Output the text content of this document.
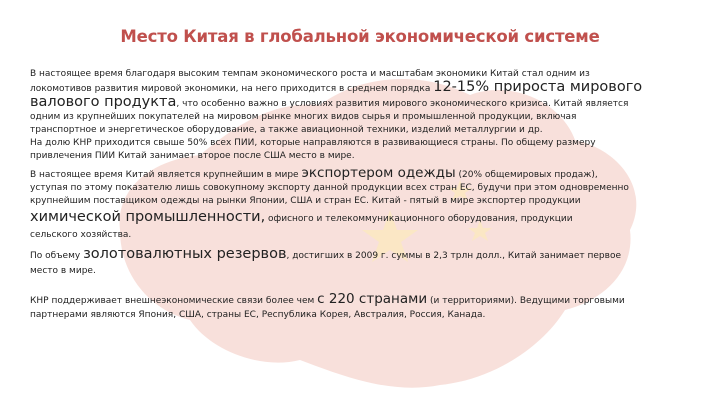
Место Китая в глобальной экономической системе

В настоящее время благодаря высоким темпам экономического роста и масштабам экономики Китай стал одним из

локомотивов развития мировой экономики, на него приходится в среднем порядка 12-15% прироста мирового

валового продукта, что особенно важно в условиях развития мирового экономического кризиса. Китай является

одним из крупнейших покупателей на мировом рынке многих видов сырья и промышленной продукции, включая

транспортное и энергетическое оборудование, а также авиационной техники, изделий металлургии и др.

На долю КНР приходится свыше 50% всех ПИИ, которые направляются в развивающиеся страны. По общему размеру

привлечения ПИИ Китай занимает второе после США место в мире.

В настоящее время Китай является крупнейшим в мире экспортером одежды (20% общемировых продаж),

уступая по этому показателю лишь совокупному экспорту данной продукции всех стран ЕС, будучи при этом одновременно

крупнейшим поставщиком одежды на рынки Японии, США и стран ЕС. Китай - пятый в мире экспортер продукции

химической промышленности, офисного и телекоммуникационного оборудования, продукции

сельского хозяйства.

По объему золотовалютных резервов, достигших в 2009 г. суммы в 2,3 трлн долл., Китай занимает первое

место в мире.

КНР поддерживает внешнеэкономические связи более чем с 220 странами (и территориями). Ведущими торговыми

партнерами являются Япония, США, страны ЕС, Республика Корея, Австралия, Россия, Канада.
